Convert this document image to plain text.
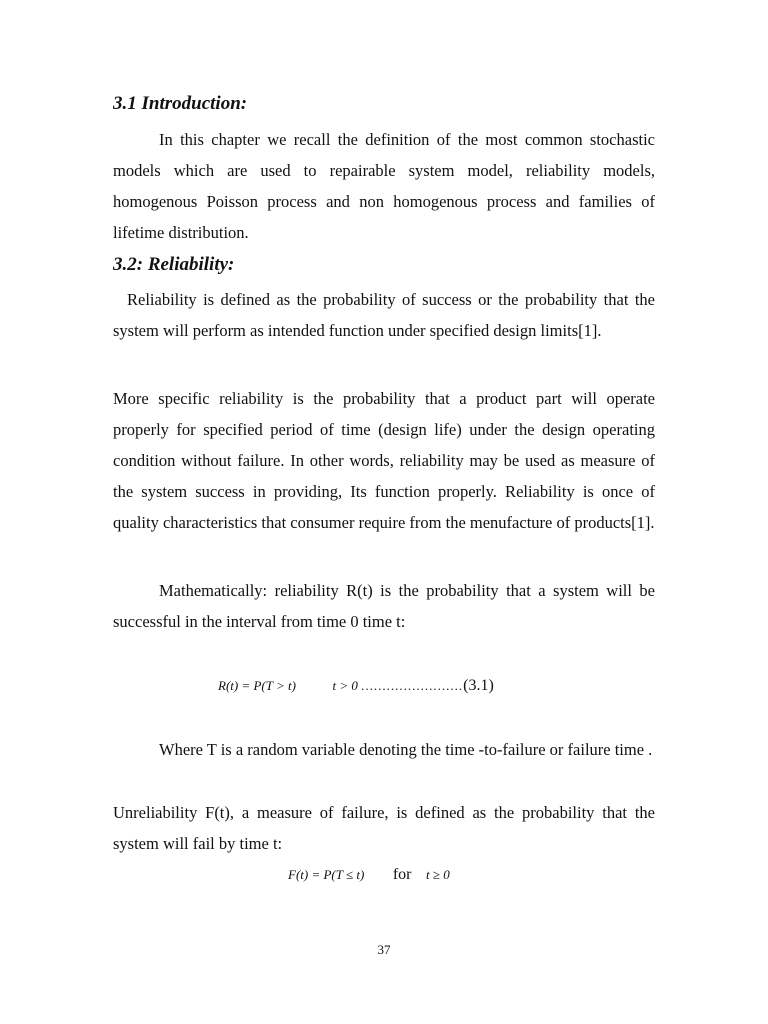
3.1 Introduction:

In this chapter we recall the definition of the most common stochastic models which are used to repairable system model, reliability models, homogenous Poisson process and non homogenous process and families of lifetime distribution.

3.2: Reliability:

Reliability is defined as the probability of success or the probability that the system will perform as intended function under specified design limits[1].

More specific reliability is the probability that a product part will operate properly for specified period of time (design life) under the design operating condition without failure. In other words, reliability may be used as measure of the system success in providing, Its function properly. Reliability is once of quality characteristics that consumer require from the menufacture of products[1].

Mathematically: reliability R(t) is the probability that a system will be successful in the interval from time 0 time t:

R(t) = P(T > t)	t > 0 ........................(3.1)

Where T is a random variable denoting the time -to-failure or failure time .

Unreliability F(t), a measure of failure, is defined as the probability that the system will fail by time t:

F(t) = P(T ≤ t) for t ≥ 0
37
